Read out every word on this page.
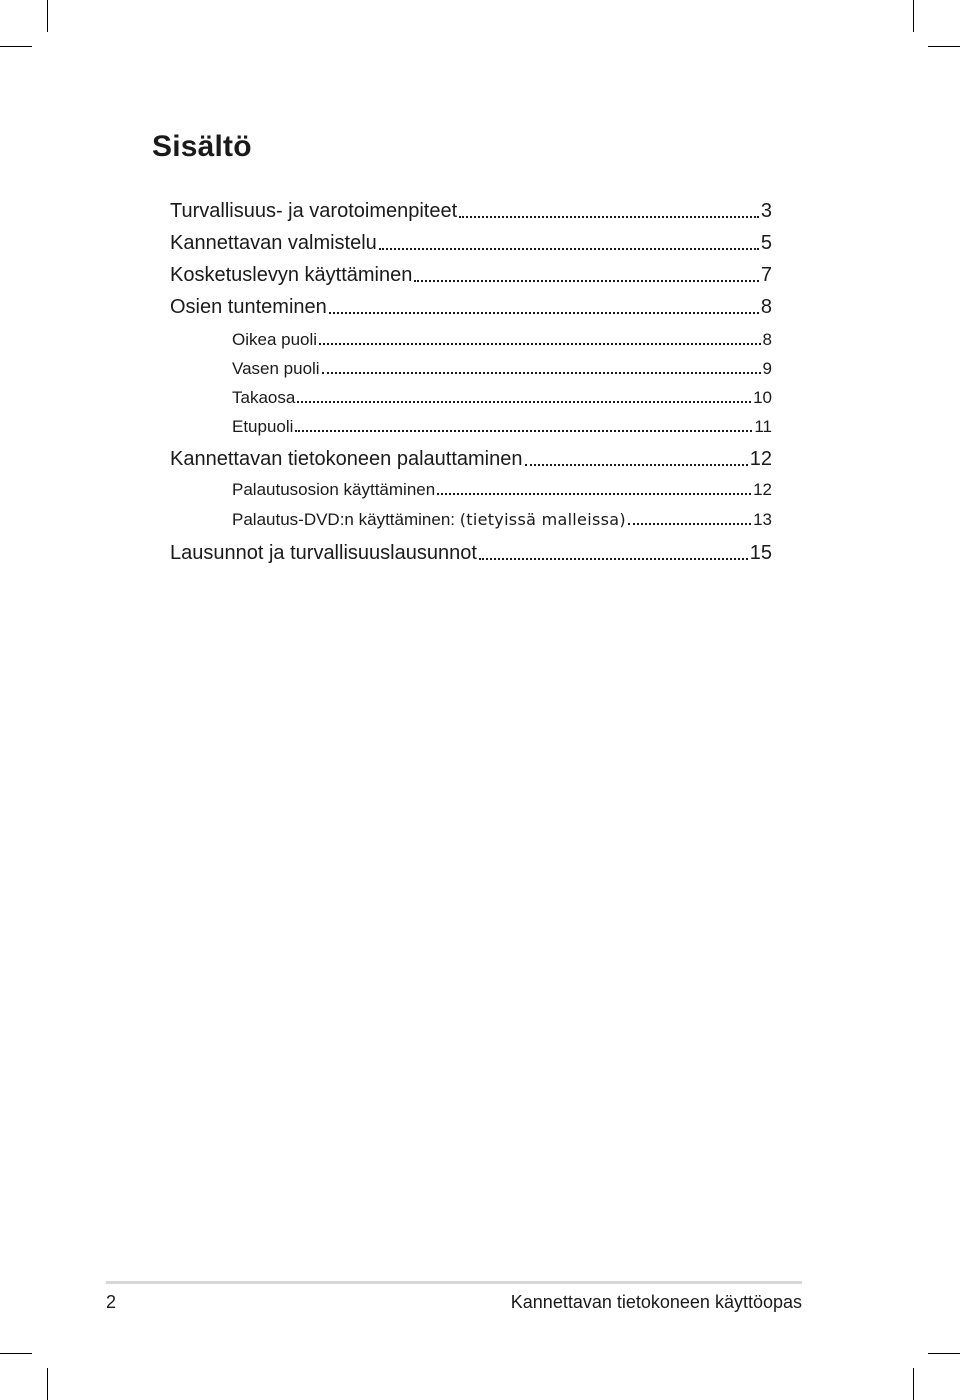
Sisältö
Turvallisuus- ja varotoimenpiteet	3
Kannettavan valmistelu	5
Kosketuslevyn käyttäminen	7
Osien tunteminen	8
Oikea puoli	8
Vasen puoli	9
Takaosa	10
Etupuoli	11
Kannettavan tietokoneen palauttaminen	12
Palautusosion käyttäminen	12
Palautus-DVD:n käyttäminen: (tietyissä malleissa)	13
Lausunnot ja turvallisuuslausunnot	15
2	Kannettavan tietokoneen käyttöopas
